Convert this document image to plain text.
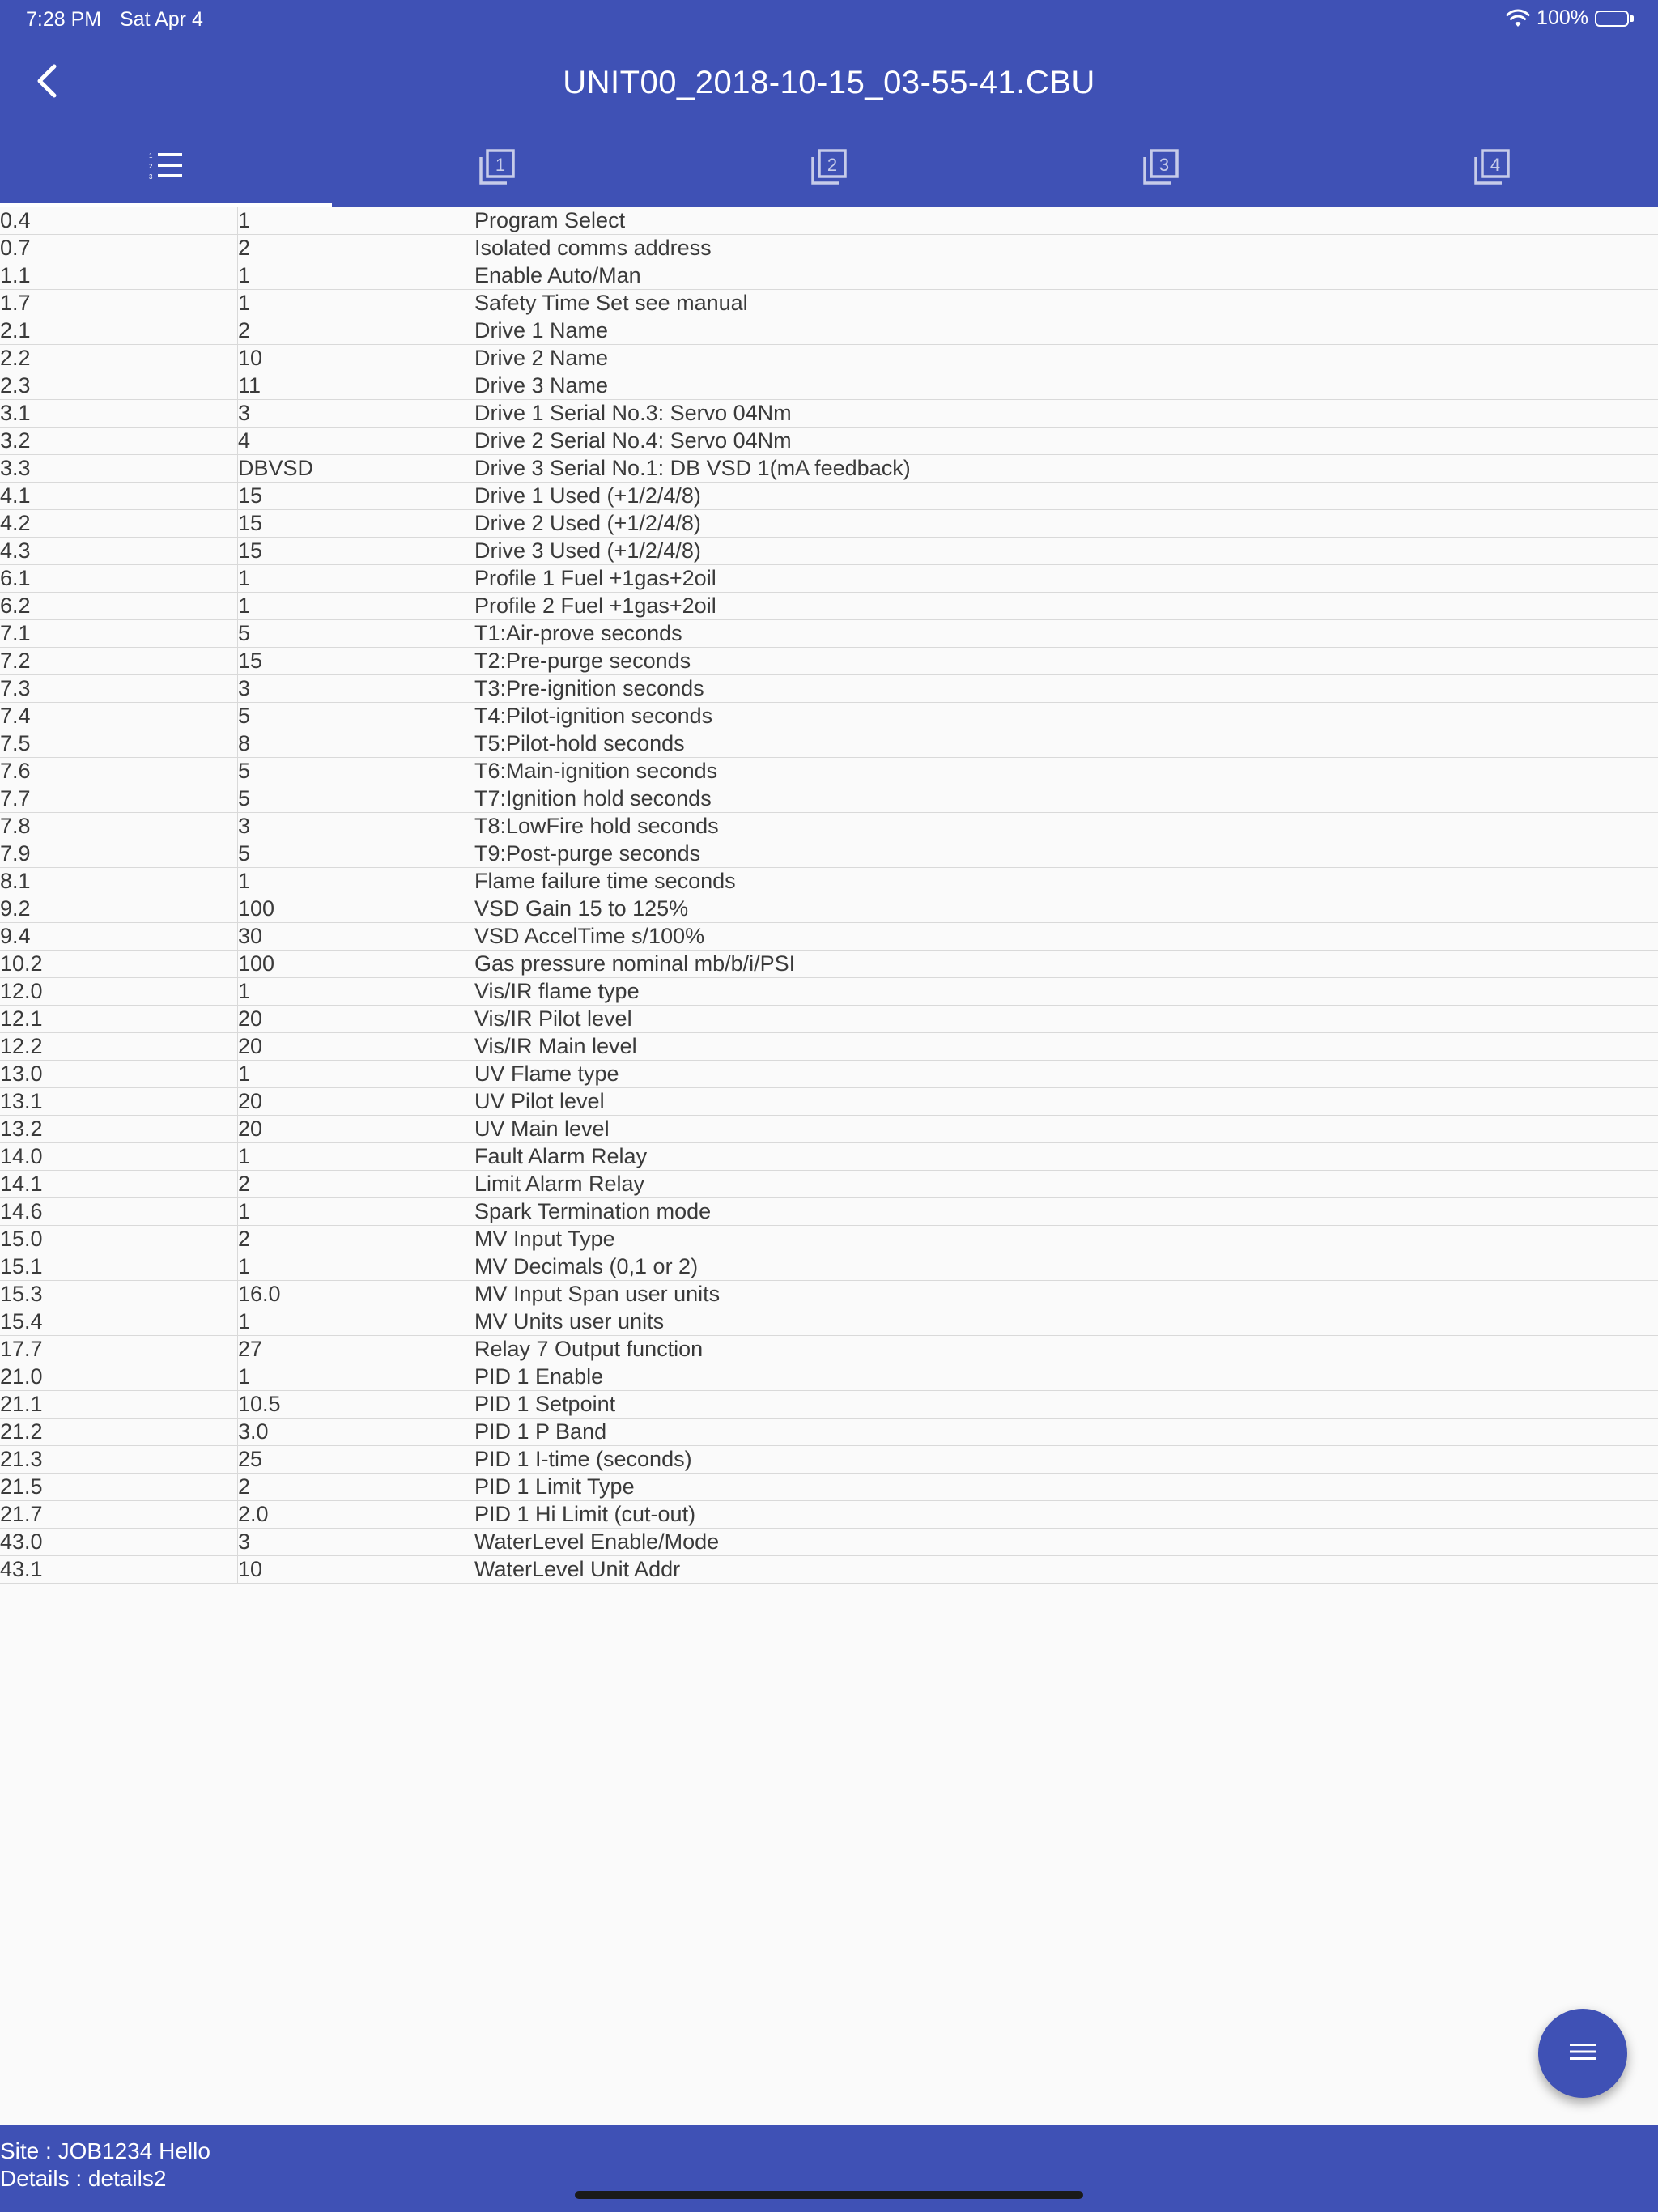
7:28 PM Sat Apr 4	100%
UNIT00_2018-10-15_03-55-41.CBU
1
2
3
1	2	3	4
0.4	1	Program Select
0.7	2	Isolated comms address
1.1	1	Enable Auto/Man
1.7	1	Safety Time Set see manual
2.1	2	Drive 1 Name
2.2	10	Drive 2 Name
2.3	11	Drive 3 Name
3.1	3	Drive 1 Serial No.3: Servo 04Nm
3.2	4	Drive 2 Serial No.4: Servo 04Nm
3.3	DBVSD	Drive 3 Serial No.1: DB VSD 1(mA feedback)
4.1	15	Drive 1 Used (+1/2/4/8)
4.2	15	Drive 2 Used (+1/2/4/8)
4.3	15	Drive 3 Used (+1/2/4/8)
6.1	1	Profile 1 Fuel +1gas+2oil
6.2	1	Profile 2 Fuel +1gas+2oil
7.1	5	T1:Air-prove seconds
7.2	15	T2:Pre-purge seconds
7.3	3	T3:Pre-ignition seconds
7.4	5	T4:Pilot-ignition seconds
7.5	8	T5:Pilot-hold seconds
7.6	5	T6:Main-ignition seconds
7.7	5	T7:Ignition hold seconds
7.8	3	T8:LowFire hold seconds
7.9	5	T9:Post-purge seconds
8.1	1	Flame failure time seconds
9.2	100	VSD Gain 15 to 125%
9.4	30	VSD AccelTime s/100%
10.2	100	Gas pressure nominal mb/b/i/PSI
12.0	1	Vis/IR flame type
12.1	20	Vis/IR Pilot level
12.2	20	Vis/IR Main level
13.0	1	UV Flame type
13.1	20	UV Pilot level
13.2	20	UV Main level
14.0	1	Fault Alarm Relay
14.1	2	Limit Alarm Relay
14.6	1	Spark Termination mode
15.0	2	MV Input Type
15.1	1	MV Decimals (0,1 or 2)
15.3	16.0	MV Input Span user units
15.4	1	MV Units user units
17.7	27	Relay 7 Output function
21.0	1	PID 1 Enable
21.1	10.5	PID 1 Setpoint
21.2	3.0	PID 1 P Band
21.3	25	PID 1 I-time (seconds)
21.5	2	PID 1 Limit Type
21.7	2.0	PID 1 Hi Limit (cut-out)
43.0	3	WaterLevel Enable/Mode
43.1	10	WaterLevel Unit Addr
Site : JOB1234 Hello
Details : details2
